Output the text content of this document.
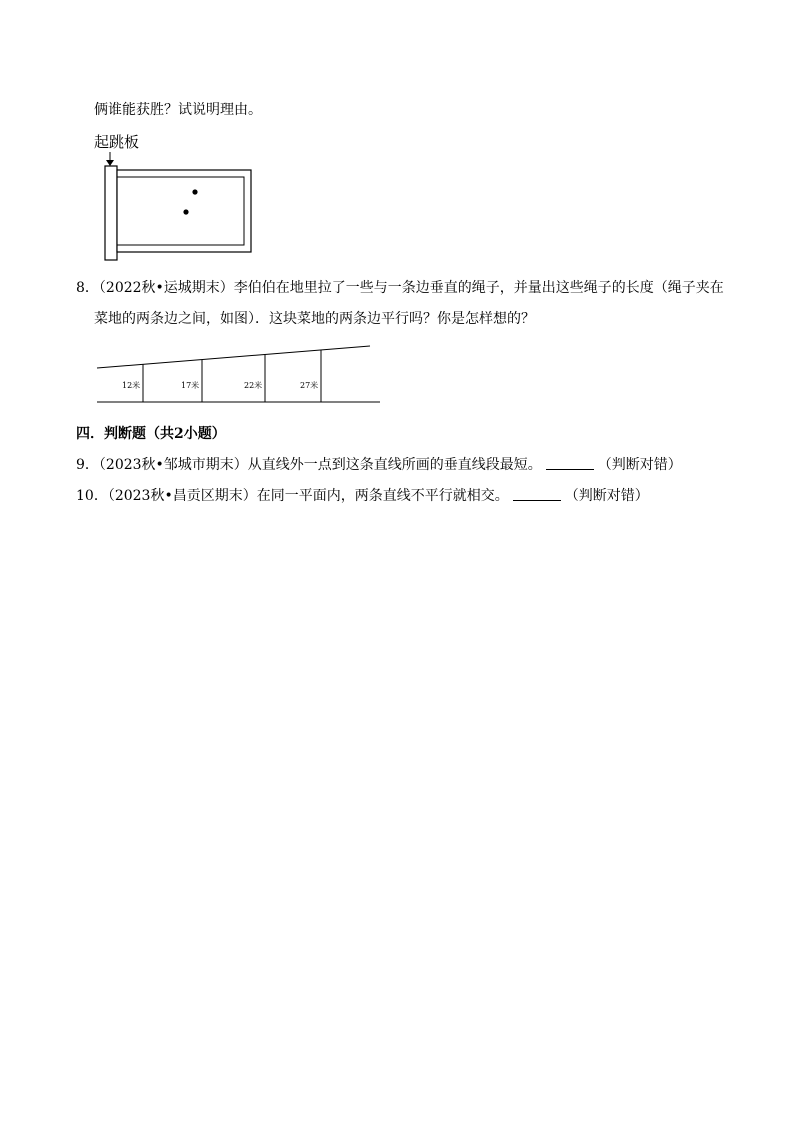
俩谁能获胜？试说明理由。
起跳板
8．（2022秋•运城期末）李伯伯在地里拉了一些与一条边垂直的绳子，并量出这些绳子的长度（绳子夹在
菜地的两条边之间，如图）．这块菜地的两条边平行吗？你是怎样想的？
12米	17米	22米	27米
四．判断题（共2小题）
9．（2023秋•邹城市期末）从直线外一点到这条直线所画的垂直线段最短。	（判断对错）
10．（2023秋•昌贡区期末）在同一平面内，两条直线不平行就相交。	（判断对错）
